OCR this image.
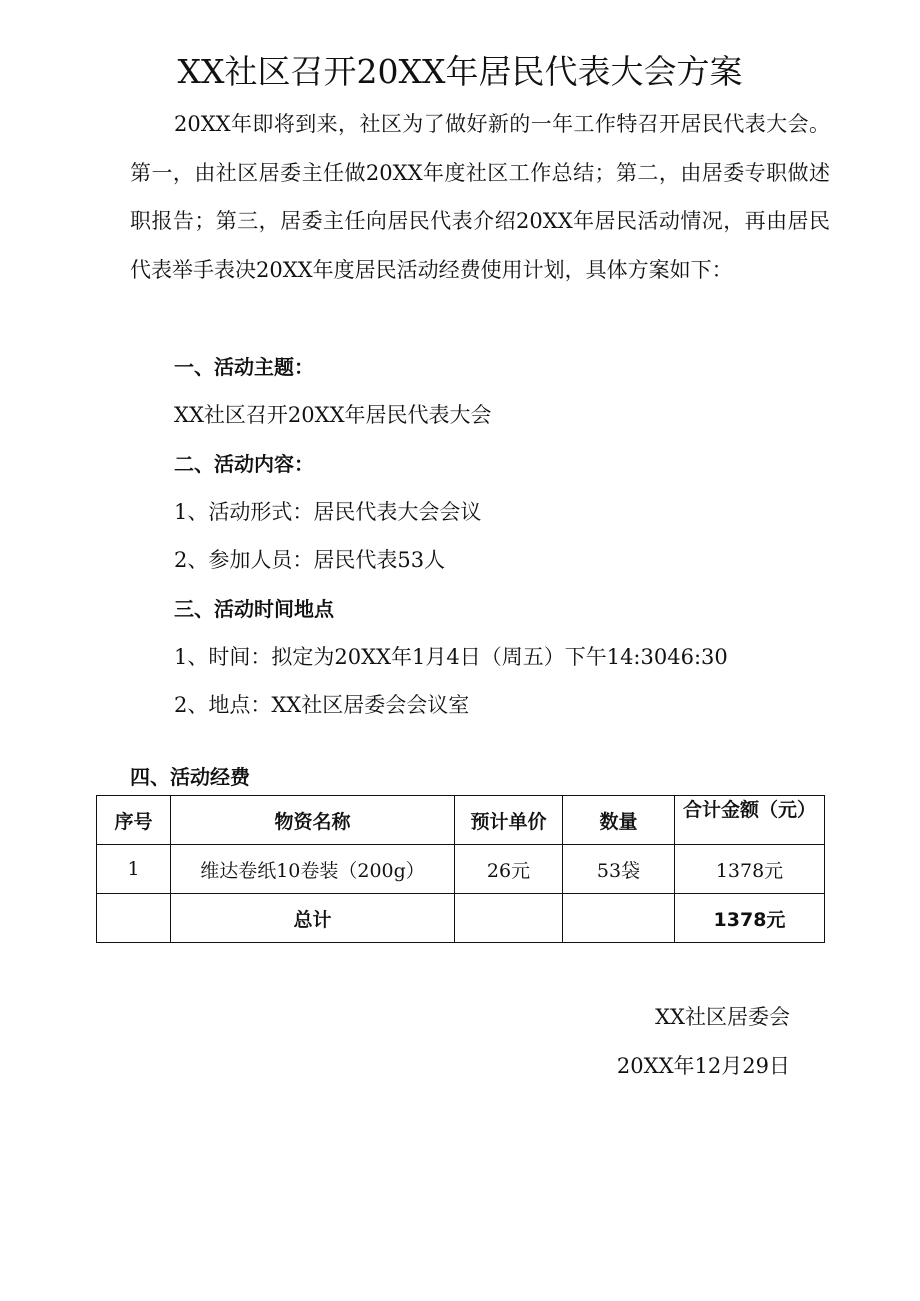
XX社区召开20XX年居民代表大会方案

20XX年即将到来，社区为了做好新的一年工作特召开居民代表大会。第一，由社区居委主任做20XX年度社区工作总结；第二，由居委专职做述职报告；第三，居委主任向居民代表介绍20XX年居民活动情况，再由居民代表举手表决20XX年度居民活动经费使用计划，具体方案如下：

一、活动主题：
XX社区召开20XX年居民代表大会
二、活动内容：
1、活动形式：居民代表大会会议
2、参加人员：居民代表53人
三、活动时间地点
1、时间：拟定为20XX年1月4日（周五）下午14:3046:30
2、地点：XX社区居委会会议室
四、活动经费
序号	物资名称	预计单价	数量	合计金额（元）

1	维达卷纸10卷装（200g）	26元	53袋	1378元
	总计			1378元
XX社区居委会
20XX年12月29日
